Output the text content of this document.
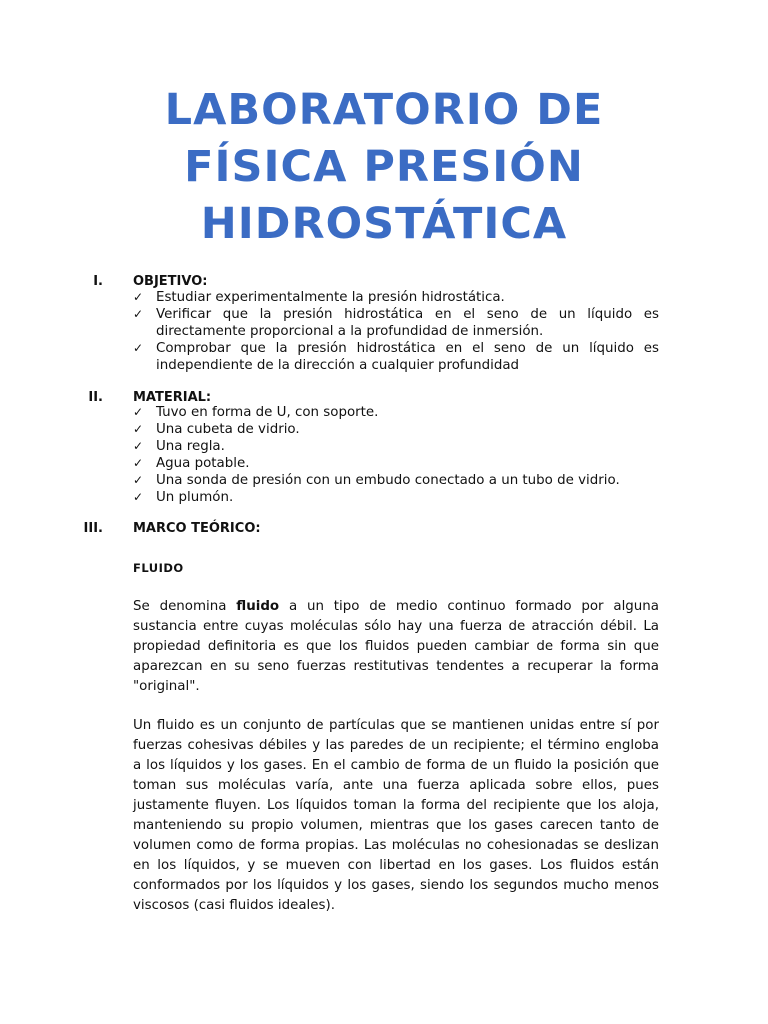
LABORATORIO DE
FÍSICA PRESIÓN
HIDROSTÁTICA
I. OBJETIVO:
✓ Estudiar experimentalmente la presión hidrostática.
✓ Verificar que la presión hidrostática en el seno de un líquido es directamente proporcional a la profundidad de inmersión.
✓ Comprobar que la presión hidrostática en el seno de un líquido es independiente de la dirección a cualquier profundidad
II. MATERIAL:
✓ Tuvo en forma de U, con soporte.
✓ Una cubeta de vidrio.
✓ Una regla.
✓ Agua potable.
✓ Una sonda de presión con un embudo conectado a un tubo de vidrio.
✓ Un plumón.
III. MARCO TEÓRICO:
FLUIDO

Se denomina fluido a un tipo de medio continuo formado por alguna sustancia entre cuyas moléculas sólo hay una fuerza de atracción débil. La propiedad definitoria es que los fluidos pueden cambiar de forma sin que aparezcan en su seno fuerzas restitutivas tendentes a recuperar la forma "original".

Un fluido es un conjunto de partículas que se mantienen unidas entre sí por fuerzas cohesivas débiles y las paredes de un recipiente; el término engloba a los líquidos y los gases. En el cambio de forma de un fluido la posición que toman sus moléculas varía, ante una fuerza aplicada sobre ellos, pues justamente fluyen. Los líquidos toman la forma del recipiente que los aloja, manteniendo su propio volumen, mientras que los gases carecen tanto de volumen como de forma propias. Las moléculas no cohesionadas se deslizan en los líquidos, y se mueven con libertad en los gases. Los fluidos están conformados por los líquidos y los gases, siendo los segundos mucho menos viscosos (casi fluidos ideales).
